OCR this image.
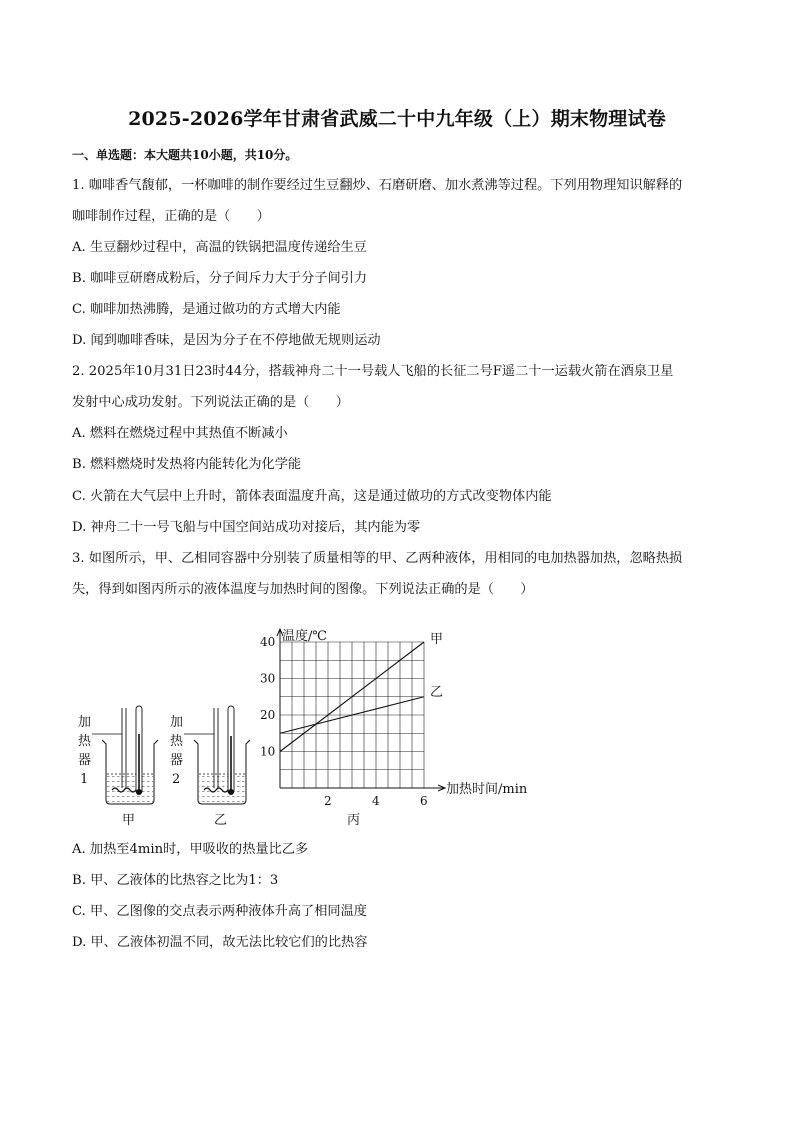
2025-2026学年甘肃省武威二十中九年级（上）期末物理试卷
一、单选题：本大题共10小题，共10分。
1. 咖啡香气馥郁，一杯咖啡的制作要经过生豆翻炒、石磨研磨、加水煮沸等过程。下列用物理知识解释的
咖啡制作过程，正确的是（　　）
A. 生豆翻炒过程中，高温的铁锅把温度传递给生豆
B. 咖啡豆研磨成粉后，分子间斥力大于分子间引力
C. 咖啡加热沸腾，是通过做功的方式增大内能
D. 闻到咖啡香味，是因为分子在不停地做无规则运动
2. 2025年10月31日23时44分，搭载神舟二十一号载人飞船的长征二号F遥二十一运载火箭在酒泉卫星
发射中心成功发射。下列说法正确的是（　　）
A. 燃料在燃烧过程中其热值不断减小
B. 燃料燃烧时发热将内能转化为化学能
C. 火箭在大气层中上升时，箭体表面温度升高，这是通过做功的方式改变物体内能
D. 神舟二十一号飞船与中国空间站成功对接后，其内能为零
3. 如图所示，甲、乙相同容器中分别装了质量相等的甲、乙两种液体，用相同的电加热器加热，忽略热损
失，得到如图丙所示的液体温度与加热时间的图像。下列说法正确的是（　　）
加
热
器
1
甲
加
热
器
2
乙
10
20
30
40
2	4	6
温度/℃
加热时间/min
甲
乙
丙
A. 加热至4min时，甲吸收的热量比乙多
B. 甲、乙液体的比热容之比为1：3
C. 甲、乙图像的交点表示两种液体升高了相同温度
D. 甲、乙液体初温不同，故无法比较它们的比热容
